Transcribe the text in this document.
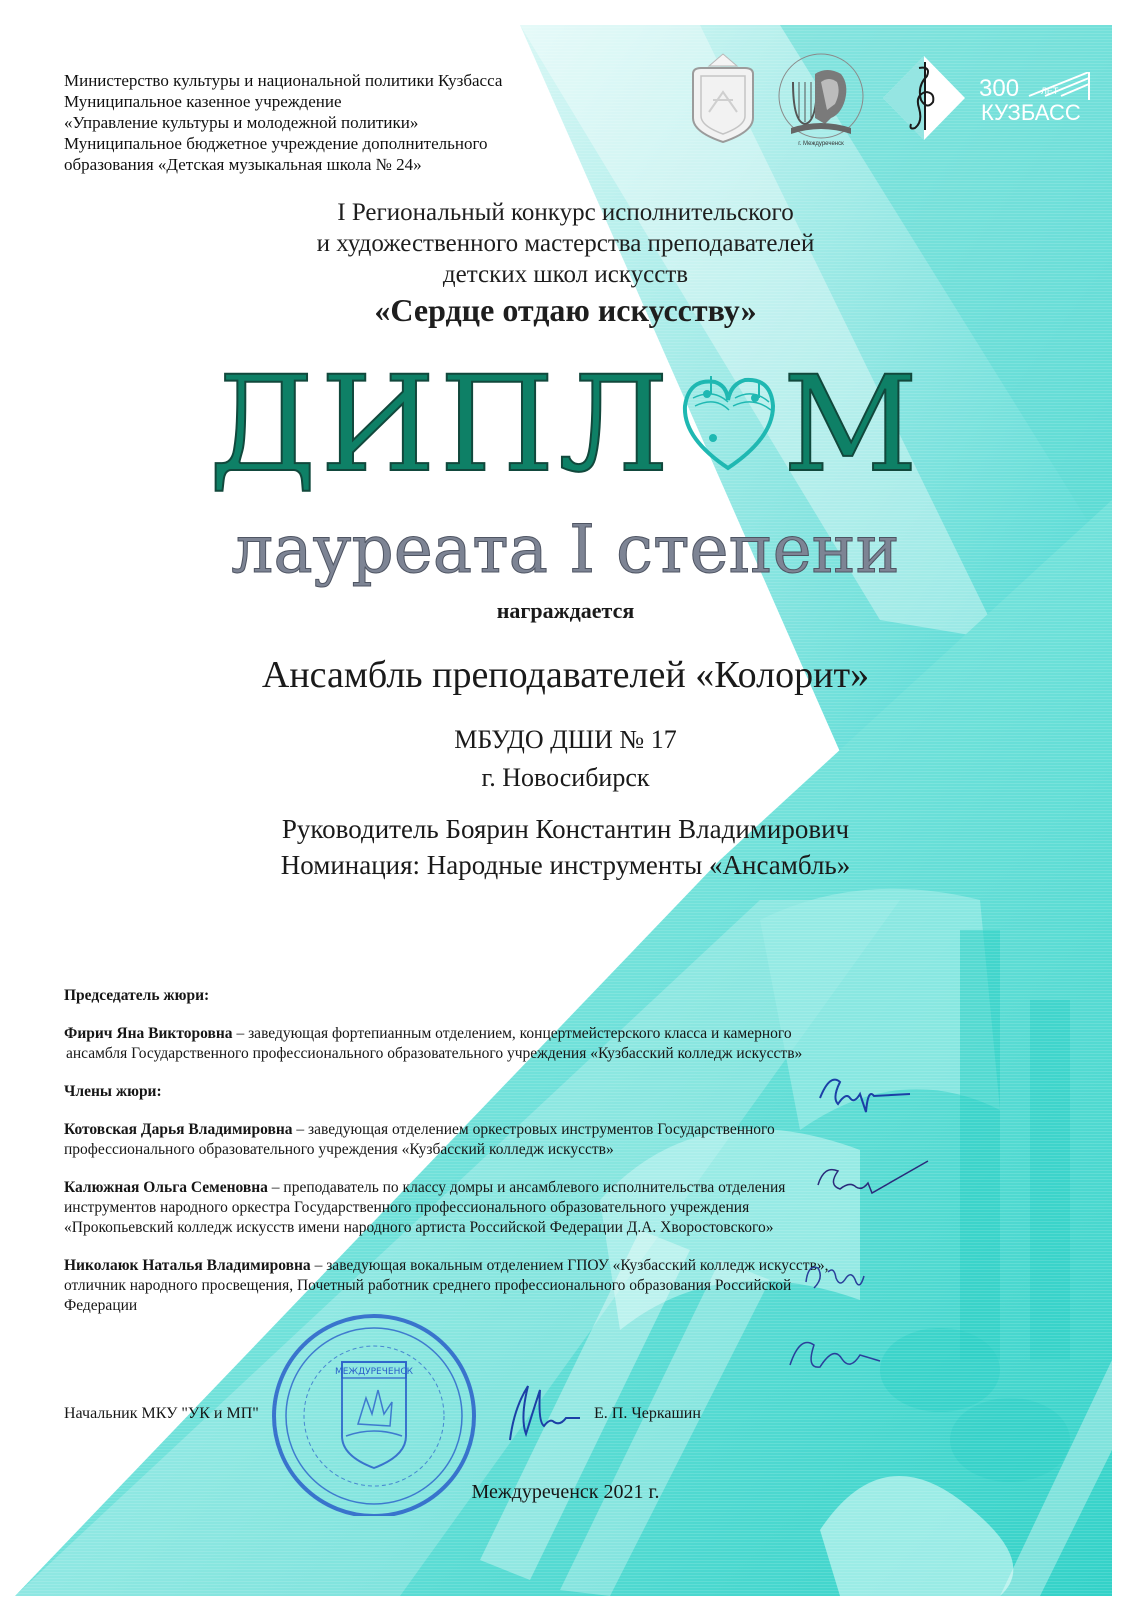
Министерство культуры и национальной политики Кузбасса
Муниципальное казенное учреждение
«Управление культуры и молодежной политики»
Муниципальное бюджетное учреждение дополнительного
образования «Детская музыкальная школа № 24»
г. Междуреченск
300
КУЗБАСС
ЛЕТ
I Региональный конкурс исполнительского
и художественного мастерства преподавателей
детских школ искусств
«Сердце отдаю искусству»
ДИПЛ М
лауреата I степени
награждается
Ансамбль преподавателей «Колорит»
МБУДО ДШИ № 17
г. Новосибирск
Руководитель Боярин Константин Владимирович
Номинация: Народные инструменты «Ансамбль»
Председатель жюри:
Фирич Яна Викторовна – заведующая фортепианным отделением, концертмейстерского класса и камерного
ансамбля Государственного профессионального образовательного учреждения «Кузбасский колледж искусств»
Члены жюри:
Котовская Дарья Владимировна – заведующая отделением оркестровых инструментов Государственного
профессионального образовательного учреждения «Кузбасский колледж искусств»
Калюжная Ольга Семеновна – преподаватель по классу домры и ансамблевого исполнительства отделения
инструментов народного оркестра Государственного профессионального образовательного учреждения
«Прокопьевский колледж искусств имени народного артиста Российской Федерации Д.А. Хворостовского»
Николаюк Наталья Владимировна – заведующая вокальным отделением ГПОУ «Кузбасский колледж искусств»,
отличник народного просвещения, Почетный работник среднего профессионального образования Российской
Федерации
МЕЖДУРЕЧЕНСК
Начальник МКУ "УК и МП"	Е. П. Черкашин
Междуреченск 2021 г.
